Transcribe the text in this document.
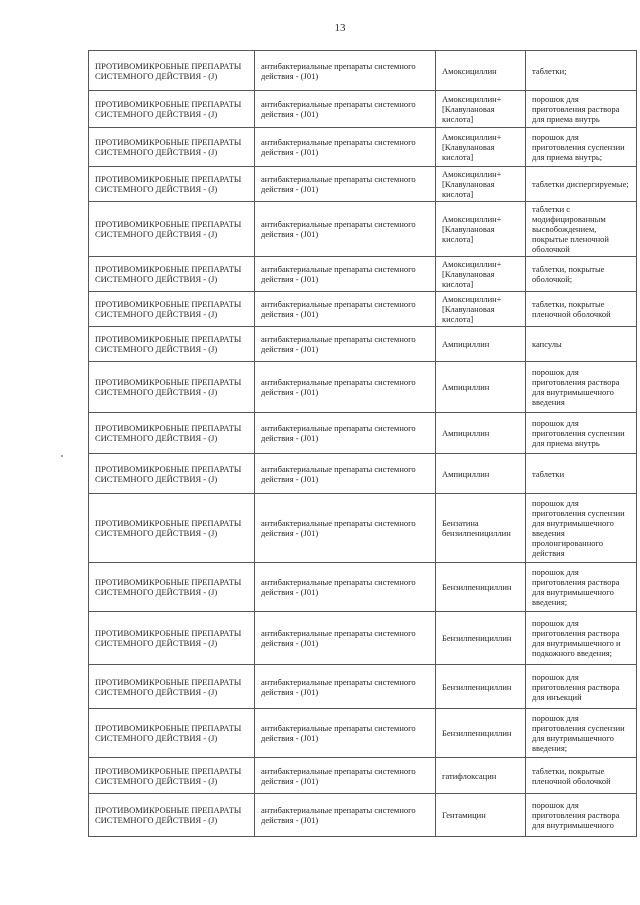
13
ПРОТИВОМИКРОБНЫЕ ПРЕПАРАТЫ СИСТЕМНОГО ДЕЙСТВИЯ - (J)	антибактериальные препараты системного действия - (J01)	Амоксициллин	таблетки;
ПРОТИВОМИКРОБНЫЕ ПРЕПАРАТЫ СИСТЕМНОГО ДЕЙСТВИЯ - (J)	антибактериальные препараты системного действия - (J01)	Амоксициллин+[Клавулановая кислота]	порошок для приготовления раствора для приема внутрь
ПРОТИВОМИКРОБНЫЕ ПРЕПАРАТЫ СИСТЕМНОГО ДЕЙСТВИЯ - (J)	антибактериальные препараты системного действия - (J01)	Амоксициллин+[Клавулановая кислота]	порошок для приготовления суспензии для приема внутрь;
ПРОТИВОМИКРОБНЫЕ ПРЕПАРАТЫ СИСТЕМНОГО ДЕЙСТВИЯ - (J)	антибактериальные препараты системного действия - (J01)	Амоксициллин+[Клавулановая кислота]	таблетки диспергируемые;
ПРОТИВОМИКРОБНЫЕ ПРЕПАРАТЫ СИСТЕМНОГО ДЕЙСТВИЯ - (J)	антибактериальные препараты системного действия - (J01)	Амоксициллин+[Клавулановая кислота]	таблетки с модифицированным высвобождением, покрытые пленочной оболочкой
ПРОТИВОМИКРОБНЫЕ ПРЕПАРАТЫ СИСТЕМНОГО ДЕЙСТВИЯ - (J)	антибактериальные препараты системного действия - (J01)	Амоксициллин+[Клавулановая кислота]	таблетки, покрытые оболочкой;
ПРОТИВОМИКРОБНЫЕ ПРЕПАРАТЫ СИСТЕМНОГО ДЕЙСТВИЯ - (J)	антибактериальные препараты системного действия - (J01)	Амоксициллин+[Клавулановая кислота]	таблетки, покрытые пленочной оболочкой
ПРОТИВОМИКРОБНЫЕ ПРЕПАРАТЫ СИСТЕМНОГО ДЕЙСТВИЯ - (J)	антибактериальные препараты системного действия - (J01)	Ампициллин	капсулы
ПРОТИВОМИКРОБНЫЕ ПРЕПАРАТЫ СИСТЕМНОГО ДЕЙСТВИЯ - (J)	антибактериальные препараты системного действия - (J01)	Ампициллин	порошок для приготовления раствора для внутримышечного введения
ПРОТИВОМИКРОБНЫЕ ПРЕПАРАТЫ СИСТЕМНОГО ДЕЙСТВИЯ - (J)	антибактериальные препараты системного действия - (J01)	Ампициллин	порошок для приготовления суспензии для приема внутрь
ПРОТИВОМИКРОБНЫЕ ПРЕПАРАТЫ СИСТЕМНОГО ДЕЙСТВИЯ - (J)	антибактериальные препараты системного действия - (J01)	Ампициллин	таблетки
ПРОТИВОМИКРОБНЫЕ ПРЕПАРАТЫ СИСТЕМНОГО ДЕЙСТВИЯ - (J)	антибактериальные препараты системного действия - (J01)	Бензатина бензилпенициллин	порошок для приготовления суспензии для внутримышечного введения пролонгированного действия
ПРОТИВОМИКРОБНЫЕ ПРЕПАРАТЫ СИСТЕМНОГО ДЕЙСТВИЯ - (J)	антибактериальные препараты системного действия - (J01)	Бензилпенициллин	порошок для приготовления раствора для внутримышечного введения;
ПРОТИВОМИКРОБНЫЕ ПРЕПАРАТЫ СИСТЕМНОГО ДЕЙСТВИЯ - (J)	антибактериальные препараты системного действия - (J01)	Бензилпенициллин	порошок для приготовления раствора для внутримышечного и подкожного введения;
ПРОТИВОМИКРОБНЫЕ ПРЕПАРАТЫ СИСТЕМНОГО ДЕЙСТВИЯ - (J)	антибактериальные препараты системного действия - (J01)	Бензилпенициллин	порошок для приготовления раствора для инъекций
ПРОТИВОМИКРОБНЫЕ ПРЕПАРАТЫ СИСТЕМНОГО ДЕЙСТВИЯ - (J)	антибактериальные препараты системного действия - (J01)	Бензилпенициллин	порошок для приготовления суспензии для внутримышечного введения;
ПРОТИВОМИКРОБНЫЕ ПРЕПАРАТЫ СИСТЕМНОГО ДЕЙСТВИЯ - (J)	антибактериальные препараты системного действия - (J01)	гатифлоксацин	таблетки, покрытые пленочной оболочкой
ПРОТИВОМИКРОБНЫЕ ПРЕПАРАТЫ СИСТЕМНОГО ДЕЙСТВИЯ - (J)	антибактериальные препараты системного действия - (J01)	Гентамицин	порошок для приготовления раствора для внутримышечного
